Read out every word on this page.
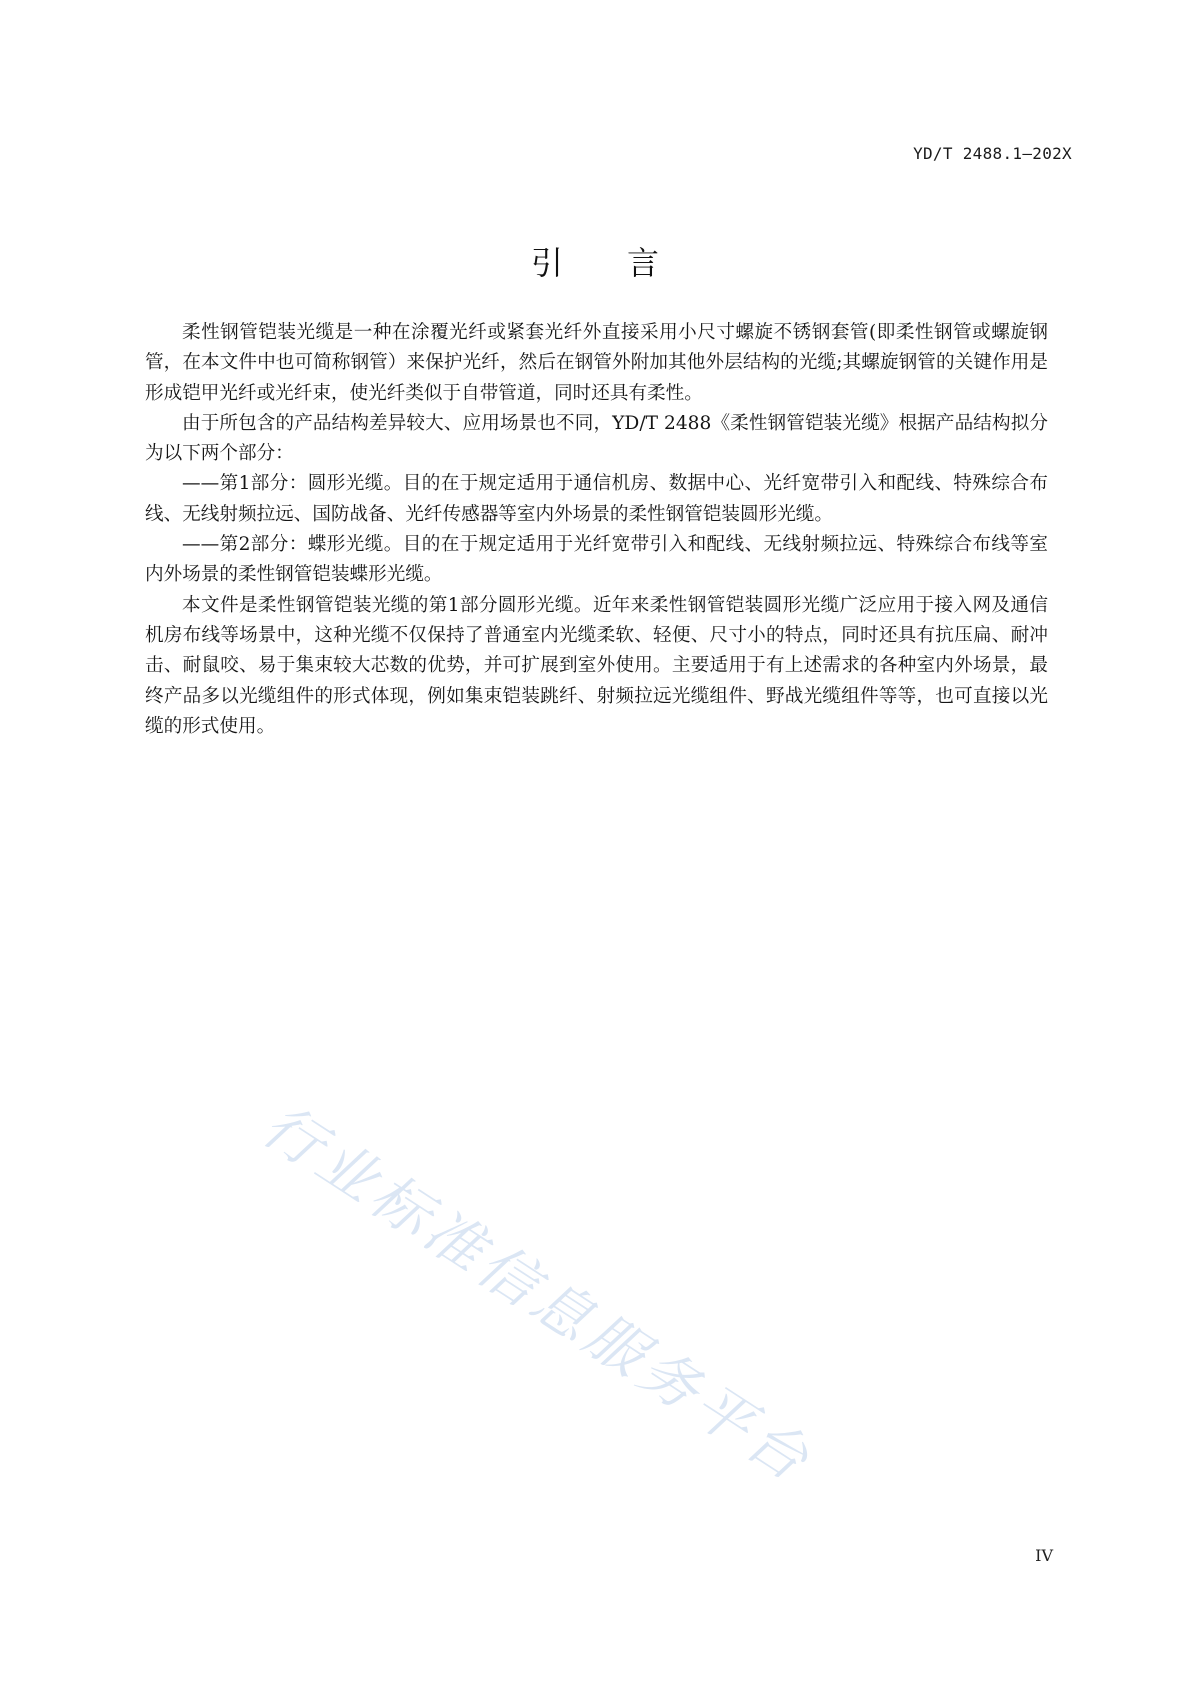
YD/T 2488.1—202X
引言

柔性钢管铠装光缆是一种在涂覆光纤或紧套光纤外直接采用小尺寸螺旋不锈钢套管(即柔性钢管或螺旋钢管，在本文件中也可简称钢管）来保护光纤，然后在钢管外附加其他外层结构的光缆;其螺旋钢管的关键作用是形成铠甲光纤或光纤束，使光纤类似于自带管道，同时还具有柔性。

由于所包含的产品结构差异较大、应用场景也不同，YD/T 2488《柔性钢管铠装光缆》根据产品结构拟分为以下两个部分：

——第1部分：圆形光缆。目的在于规定适用于通信机房、数据中心、光纤宽带引入和配线、特殊综合布线、无线射频拉远、国防战备、光纤传感器等室内外场景的柔性钢管铠装圆形光缆。

——第2部分：蝶形光缆。目的在于规定适用于光纤宽带引入和配线、无线射频拉远、特殊综合布线等室内外场景的柔性钢管铠装蝶形光缆。

本文件是柔性钢管铠装光缆的第1部分圆形光缆。近年来柔性钢管铠装圆形光缆广泛应用于接入网及通信机房布线等场景中，这种光缆不仅保持了普通室内光缆柔软、轻便、尺寸小的特点，同时还具有抗压扁、耐冲击、耐鼠咬、易于集束较大芯数的优势，并可扩展到室外使用。主要适用于有上述需求的各种室内外场景，最终产品多以光缆组件的形式体现，例如集束铠装跳纤、射频拉远光缆组件、野战光缆组件等等，也可直接以光缆的形式使用。

行业标准信息服务平台
IV
